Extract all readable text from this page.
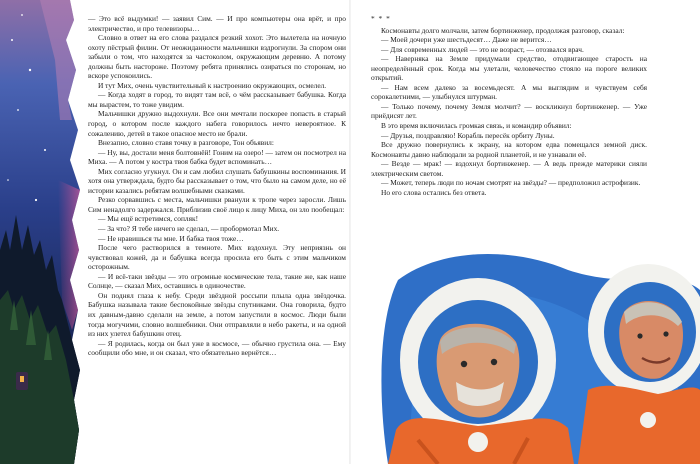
— Это всё выдумки! — заявил Сим. — И про компьютеры она врёт, и про электричество, и про телевизоры…

Словно в ответ на его слова раздался резкий хохот. Это вылетела на ночную охоту пёстрый филин. От неожиданности мальчишки вздрогнули. За спором они забыли о том, что находятся за частоколом, окружающим деревню. А потому должны быть настороже. Поэтому ребята принялись озираться по сторонам, но вскоре успокоились.

И тут Мих, очень чувствительный к настроению окружающих, осмелел.

— Когда ходят в город, то видят там всё, о чём рассказывает бабушка. Когда мы вырастем, то тоже увидим.

Мальчишки дружно выдохнули. Все они мечтали поскорее попасть в старый город, о котором после каждого набега говорилось нечто невероятное. К сожалению, детей в такое опасное место не брали.

Внезапно, словно ставя точку в разговоре, Тон объявил:

— Ну, вы, достали меня болтовнёй! Гоним на озеро! — затем он посмотрел на Миха. — А потом у костра твоя бабка будет вспоминать…

Мих согласно угукнул. Он и сам любил слушать бабушкины воспоминания. И хотя она утверждала, будто бы рассказывает о том, что было на самом деле, но её истории казались ребятам волшебными сказками.

Резко сорвавшись с места, мальчишки рванули к тропе через заросли. Лишь Сим ненадолго задержался. Приблизив своё лицо к лицу Миха, он зло пообещал:

— Мы ещё встретимся, сопляк!

— За что? Я тебе ничего не сделал, — пробормотал Мих.

— Не нравишься ты мне. И бабка твоя тоже…

После чего растворился в темноте. Мих вздохнул. Эту неприязнь он чувствовал кожей, да и бабушка всегда просила его быть с этим мальчиком осторожным.

— И всё-таки звёзды — это огромные космические тела, такие же, как наше Солнце, — сказал Мих, оставшись в одиночестве.

Он поднял глаза к небу. Среди звёздной россыпи плыла одна звёздочка. Бабушка называла такие беспокойные звёзды спутниками. Она говорила, будто их давным-давно сделали на земле, а потом запустили в космос. Люди были тогда могучими, словно волшебники. Они отправляли в небо ракеты, и на одной из них улетел бабушкин отец.

— Я родилась, когда он был уже в космосе, — обычно грустила она. — Ему сообщили обо мне, и он сказал, что обязательно вернётся…

* * *

Космонавты долго молчали, затем бортинженер, продолжая разговор, сказал:

— Моей дочери уже шестьдесят… Даже не верится…

— Для современных людей — это не возраст, — отозвался врач.

— Наверняка на Земле придумали средство, отодвигающее старость на неопределённый срок. Когда мы улетали, человечество стояло на пороге великих открытий.

— Нам всем далеко за восемьдесят. А мы выглядим и чувствуем себя сорокалетними, — улыбнулся штурман.

— Только почему, почему Земля молчит? — воскликнул бортинженер. — Уже приёдисят лет.

В это время включилась громкая связь, и командир объявил:

— Друзья, поздравляю! Корабль пересёк орбиту Луны.

Все дружно повернулись к экрану, на котором едва помещался земной диск. Космонавты давно наблюдали за родной планетой, и не узнавали её.

— Везде — мрак! — вздохнул бортинженер. — А ведь прежде материки сияли электрическим светом.

— Может, теперь люди по ночам смотрят на звёзды? — предположил астрофизик.

Но его слова остались без ответа.
